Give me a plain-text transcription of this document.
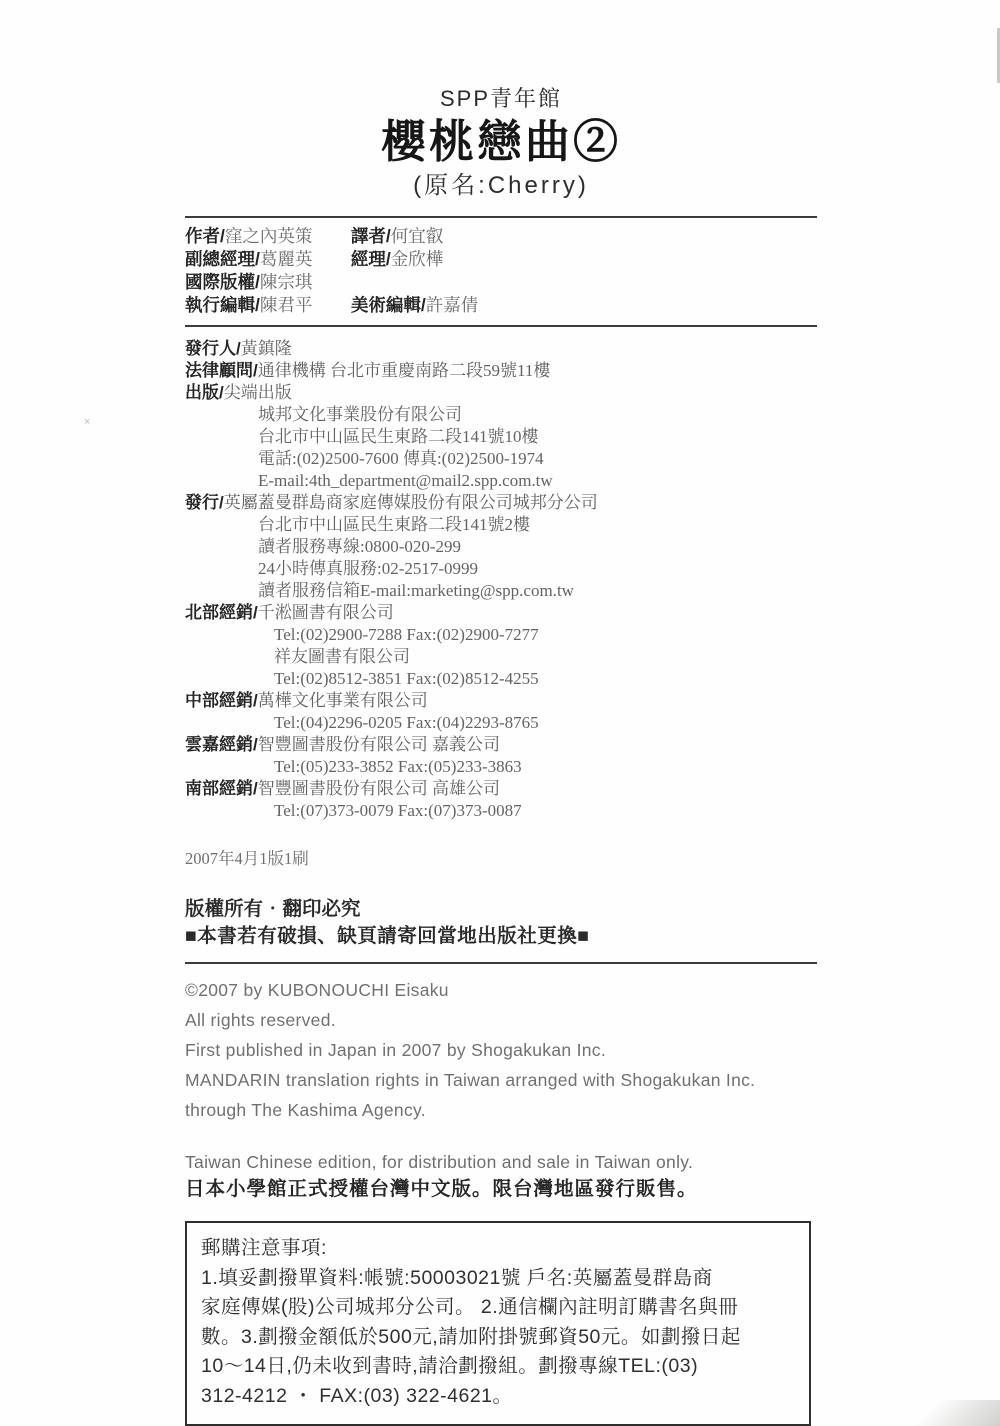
×
SPP青年館
櫻桃戀曲②
(原名:Cherry)
作者/窪之內英策 譯者/何宜叡
副總經理/葛麗英 經理/金欣樺
國際版權/陳宗琪
執行編輯/陳君平 美術編輯/許嘉倩
發行人/黃鎮隆
法律顧問/通律機構 台北市重慶南路二段59號11樓
出版/尖端出版
城邦文化事業股份有限公司
台北市中山區民生東路二段141號10樓
電話:(02)2500-7600 傳真:(02)2500-1974
E-mail:4th_department@mail2.spp.com.tw
發行/英屬蓋曼群島商家庭傳媒股份有限公司城邦分公司
台北市中山區民生東路二段141號2樓
讀者服務專線:0800-020-299
24小時傳真服務:02-2517-0999
讀者服務信箱E-mail:marketing@spp.com.tw
北部經銷/千淞圖書有限公司
Tel:(02)2900-7288 Fax:(02)2900-7277
祥友圖書有限公司
Tel:(02)8512-3851 Fax:(02)8512-4255
中部經銷/萬樺文化事業有限公司
Tel:(04)2296-0205 Fax:(04)2293-8765
雲嘉經銷/智豐圖書股份有限公司 嘉義公司
Tel:(05)233-3852 Fax:(05)233-3863
南部經銷/智豐圖書股份有限公司 高雄公司
Tel:(07)373-0079 Fax:(07)373-0087
2007年4月1版1刷
版權所有‧翻印必究
■本書若有破損、缺頁請寄回當地出版社更換■
©2007 by KUBONOUCHI Eisaku
All rights reserved.
First published in Japan in 2007 by Shogakukan Inc.
MANDARIN translation rights in Taiwan arranged with Shogakukan Inc.
through The Kashima Agency.
Taiwan Chinese edition, for distribution and sale in Taiwan only.
日本小學館正式授權台灣中文版。限台灣地區發行販售。
郵購注意事項:
1.填妥劃撥單資料:帳號:50003021號 戶名:英屬蓋曼群島商
家庭傳媒(股)公司城邦分公司。 2.通信欄內註明訂購書名與冊
數。3.劃撥金額低於500元,請加附掛號郵資50元。如劃撥日起
10～14日,仍未收到書時,請洽劃撥組。劃撥專線TEL:(03)
312-4212 ・ FAX:(03) 322-4621。
